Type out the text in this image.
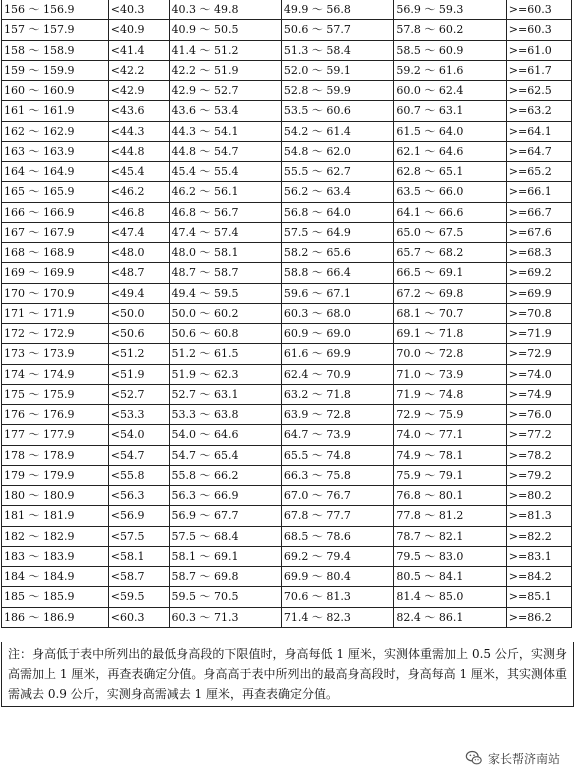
156 ～ 156.9	<40.3	40.3 ～ 49.8	49.9 ～ 56.8	56.9 ～ 59.3	>=60.3
157 ～ 157.9	<40.9	40.9 ～ 50.5	50.6 ～ 57.7	57.8 ～ 60.2	>=60.3
158 ～ 158.9	<41.4	41.4 ～ 51.2	51.3 ～ 58.4	58.5 ～ 60.9	>=61.0
159 ～ 159.9	<42.2	42.2 ～ 51.9	52.0 ～ 59.1	59.2 ～ 61.6	>=61.7
160 ～ 160.9	<42.9	42.9 ～ 52.7	52.8 ～ 59.9	60.0 ～ 62.4	>=62.5
161 ～ 161.9	<43.6	43.6 ～ 53.4	53.5 ～ 60.6	60.7 ～ 63.1	>=63.2
162 ～ 162.9	<44.3	44.3 ～ 54.1	54.2 ～ 61.4	61.5 ～ 64.0	>=64.1
163 ～ 163.9	<44.8	44.8 ～ 54.7	54.8 ～ 62.0	62.1 ～ 64.6	>=64.7
164 ～ 164.9	<45.4	45.4 ～ 55.4	55.5 ～ 62.7	62.8 ～ 65.1	>=65.2
165 ～ 165.9	<46.2	46.2 ～ 56.1	56.2 ～ 63.4	63.5 ～ 66.0	>=66.1
166 ～ 166.9	<46.8	46.8 ～ 56.7	56.8 ～ 64.0	64.1 ～ 66.6	>=66.7
167 ～ 167.9	<47.4	47.4 ～ 57.4	57.5 ～ 64.9	65.0 ～ 67.5	>=67.6
168 ～ 168.9	<48.0	48.0 ～ 58.1	58.2 ～ 65.6	65.7 ～ 68.2	>=68.3
169 ～ 169.9	<48.7	48.7 ～ 58.7	58.8 ～ 66.4	66.5 ～ 69.1	>=69.2
170 ～ 170.9	<49.4	49.4 ～ 59.5	59.6 ～ 67.1	67.2 ～ 69.8	>=69.9
171 ～ 171.9	<50.0	50.0 ～ 60.2	60.3 ～ 68.0	68.1 ～ 70.7	>=70.8
172 ～ 172.9	<50.6	50.6 ～ 60.8	60.9 ～ 69.0	69.1 ～ 71.8	>=71.9
173 ～ 173.9	<51.2	51.2 ～ 61.5	61.6 ～ 69.9	70.0 ～ 72.8	>=72.9
174 ～ 174.9	<51.9	51.9 ～ 62.3	62.4 ～ 70.9	71.0 ～ 73.9	>=74.0
175 ～ 175.9	<52.7	52.7 ～ 63.1	63.2 ～ 71.8	71.9 ～ 74.8	>=74.9
176 ～ 176.9	<53.3	53.3 ～ 63.8	63.9 ～ 72.8	72.9 ～ 75.9	>=76.0
177 ～ 177.9	<54.0	54.0 ～ 64.6	64.7 ～ 73.9	74.0 ～ 77.1	>=77.2
178 ～ 178.9	<54.7	54.7 ～ 65.4	65.5 ～ 74.8	74.9 ～ 78.1	>=78.2
179 ～ 179.9	<55.8	55.8 ～ 66.2	66.3 ～ 75.8	75.9 ～ 79.1	>=79.2
180 ～ 180.9	<56.3	56.3 ～ 66.9	67.0 ～ 76.7	76.8 ～ 80.1	>=80.2
181 ～ 181.9	<56.9	56.9 ～ 67.7	67.8 ～ 77.7	77.8 ～ 81.2	>=81.3
182 ～ 182.9	<57.5	57.5 ～ 68.4	68.5 ～ 78.6	78.7 ～ 82.1	>=82.2
183 ～ 183.9	<58.1	58.1 ～ 69.1	69.2 ～ 79.4	79.5 ～ 83.0	>=83.1
184 ～ 184.9	<58.7	58.7 ～ 69.8	69.9 ～ 80.4	80.5 ～ 84.1	>=84.2
185 ～ 185.9	<59.5	59.5 ～ 70.5	70.6 ～ 81.3	81.4 ～ 85.0	>=85.1
186 ～ 186.9	<60.3	60.3 ～ 71.3	71.4 ～ 82.3	82.4 ～ 86.1	>=86.2
注：身高低于表中所列出的最低身高段的下限值时，身高每低 1 厘米，实测体重需加上 0.5 公斤，实测身高需加上 1 厘米，再查表确定分值。身高高于表中所列出的最高身高段时，身高每高 1 厘米，其实测体重需减去 0.9 公斤，实测身高需减去 1 厘米，再查表确定分值。
家长帮济南站
